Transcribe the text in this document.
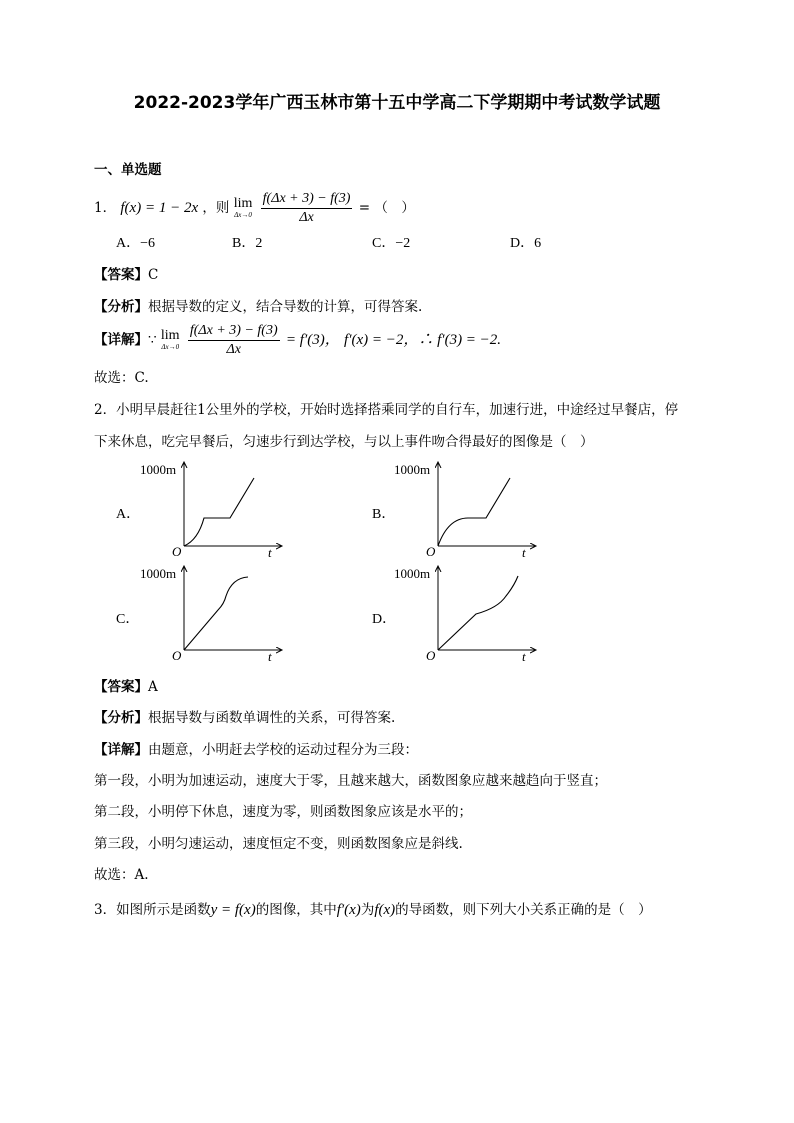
2022-2023学年广西玉林市第十五中学高二下学期期中考试数学试题
一、单选题
1． f(x) = 1 − 2x ，则 lim
Δx→0
$\frac{f(\Delta x + 3) - f(3)}{\Delta x}$ = （　）
A．−6	B．2	C．−2	D．6
【答案】C
【分析】根据导数的定义，结合导数的计算，可得答案.
【详解】∵ lim
Δx→0
$\frac{f(\Delta x + 3) - f(3)}{\Delta x} = f'(3)$， f′(x) = −2，∴ f′(3) = −2.
故选：C.
2．小明早晨赶往1公里外的学校，开始时选择搭乘同学的自行车，加速行进，中途经过早餐店，停
下来休息，吃完早餐后，匀速步行到达学校，与以上事件吻合得最好的图像是（　）
A．
1000m
O	t
B．
1000m
O	t
C．
1000m
O	t
D．
1000m
O	t
【答案】A
【分析】根据导数与函数单调性的关系，可得答案.
【详解】由题意，小明赶去学校的运动过程分为三段：
第一段，小明为加速运动，速度大于零，且越来越大，函数图象应越来越趋向于竖直；
第二段，小明停下休息，速度为零，则函数图象应该是水平的；
第三段，小明匀速运动，速度恒定不变，则函数图象应是斜线.
故选：A.
3．如图所示是函数y = f(x)的图像，其中f′(x)为f(x)的导函数，则下列大小关系正确的是（　）
